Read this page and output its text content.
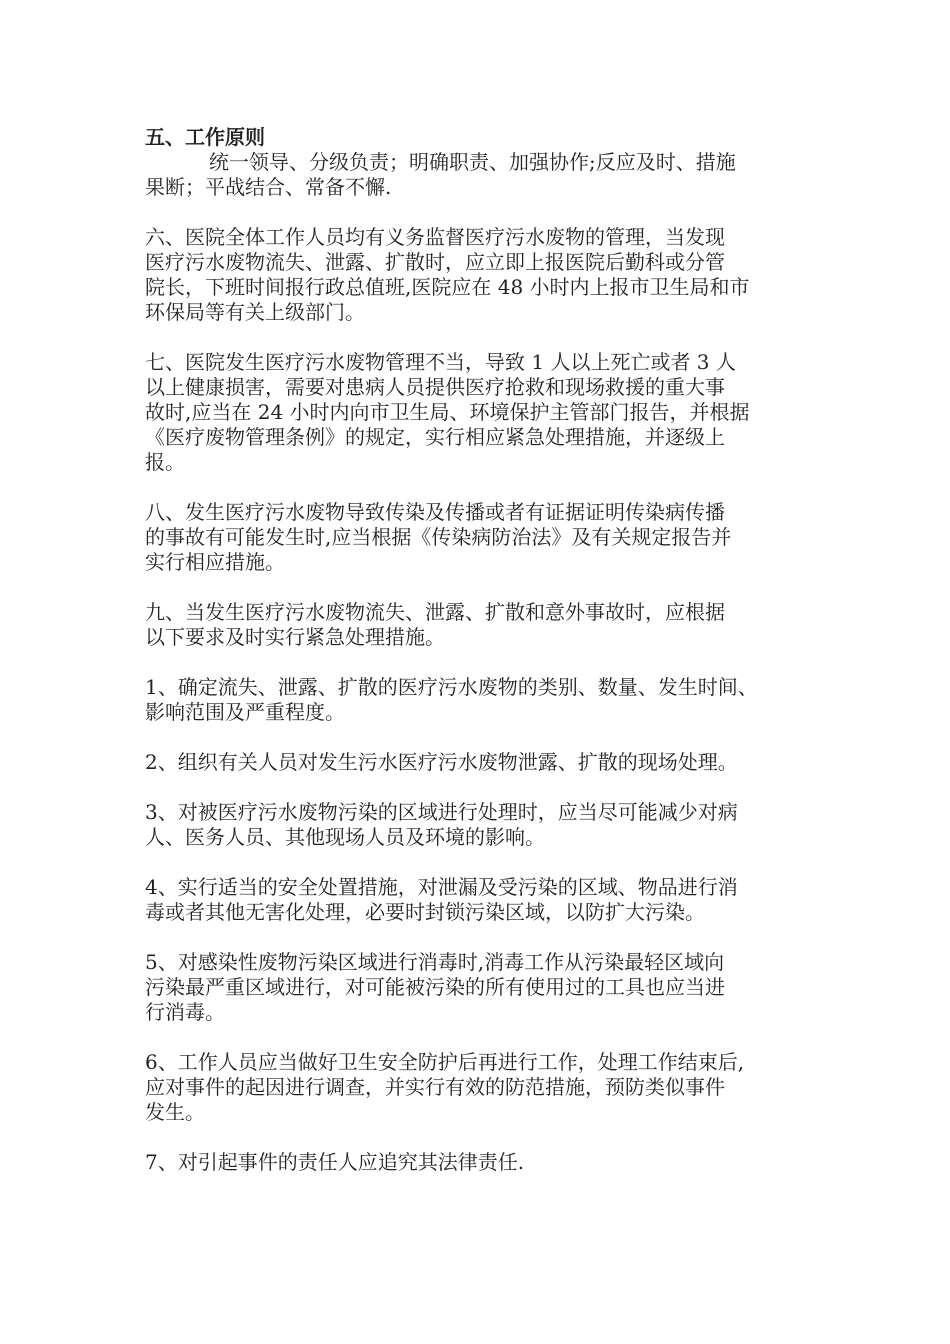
五、工作原则

统一领导、分级负责；明确职责、加强协作;反应及时、措施
果断；平战结合、常备不懈.

六、医院全体工作人员均有义务监督医疗污水废物的管理，当发现
医疗污水废物流失、泄露、扩散时，应立即上报医院后勤科或分管
院长，下班时间报行政总值班,医院应在 48 小时内上报市卫生局和市
环保局等有关上级部门。

七、医院发生医疗污水废物管理不当，导致 1 人以上死亡或者 3 人
以上健康损害，需要对患病人员提供医疗抢救和现场救援的重大事
故时,应当在 24 小时内向市卫生局、环境保护主管部门报告，并根据
《医疗废物管理条例》的规定，实行相应紧急处理措施，并逐级上
报。

八、发生医疗污水废物导致传染及传播或者有证据证明传染病传播
的事故有可能发生时,应当根据《传染病防治法》及有关规定报告并
实行相应措施。

九、当发生医疗污水废物流失、泄露、扩散和意外事故时，应根据
以下要求及时实行紧急处理措施。

1、确定流失、泄露、扩散的医疗污水废物的类别、数量、发生时间、
影响范围及严重程度。

2、组织有关人员对发生污水医疗污水废物泄露、扩散的现场处理。

3、对被医疗污水废物污染的区域进行处理时，应当尽可能减少对病
人、医务人员、其他现场人员及环境的影响。

4、实行适当的安全处置措施，对泄漏及受污染的区域、物品进行消
毒或者其他无害化处理，必要时封锁污染区域，以防扩大污染。

5、对感染性废物污染区域进行消毒时,消毒工作从污染最轻区域向
污染最严重区域进行，对可能被污染的所有使用过的工具也应当进
行消毒。

6、工作人员应当做好卫生安全防护后再进行工作，处理工作结束后,
应对事件的起因进行调查，并实行有效的防范措施，预防类似事件
发生。

7、对引起事件的责任人应追究其法律责任.
